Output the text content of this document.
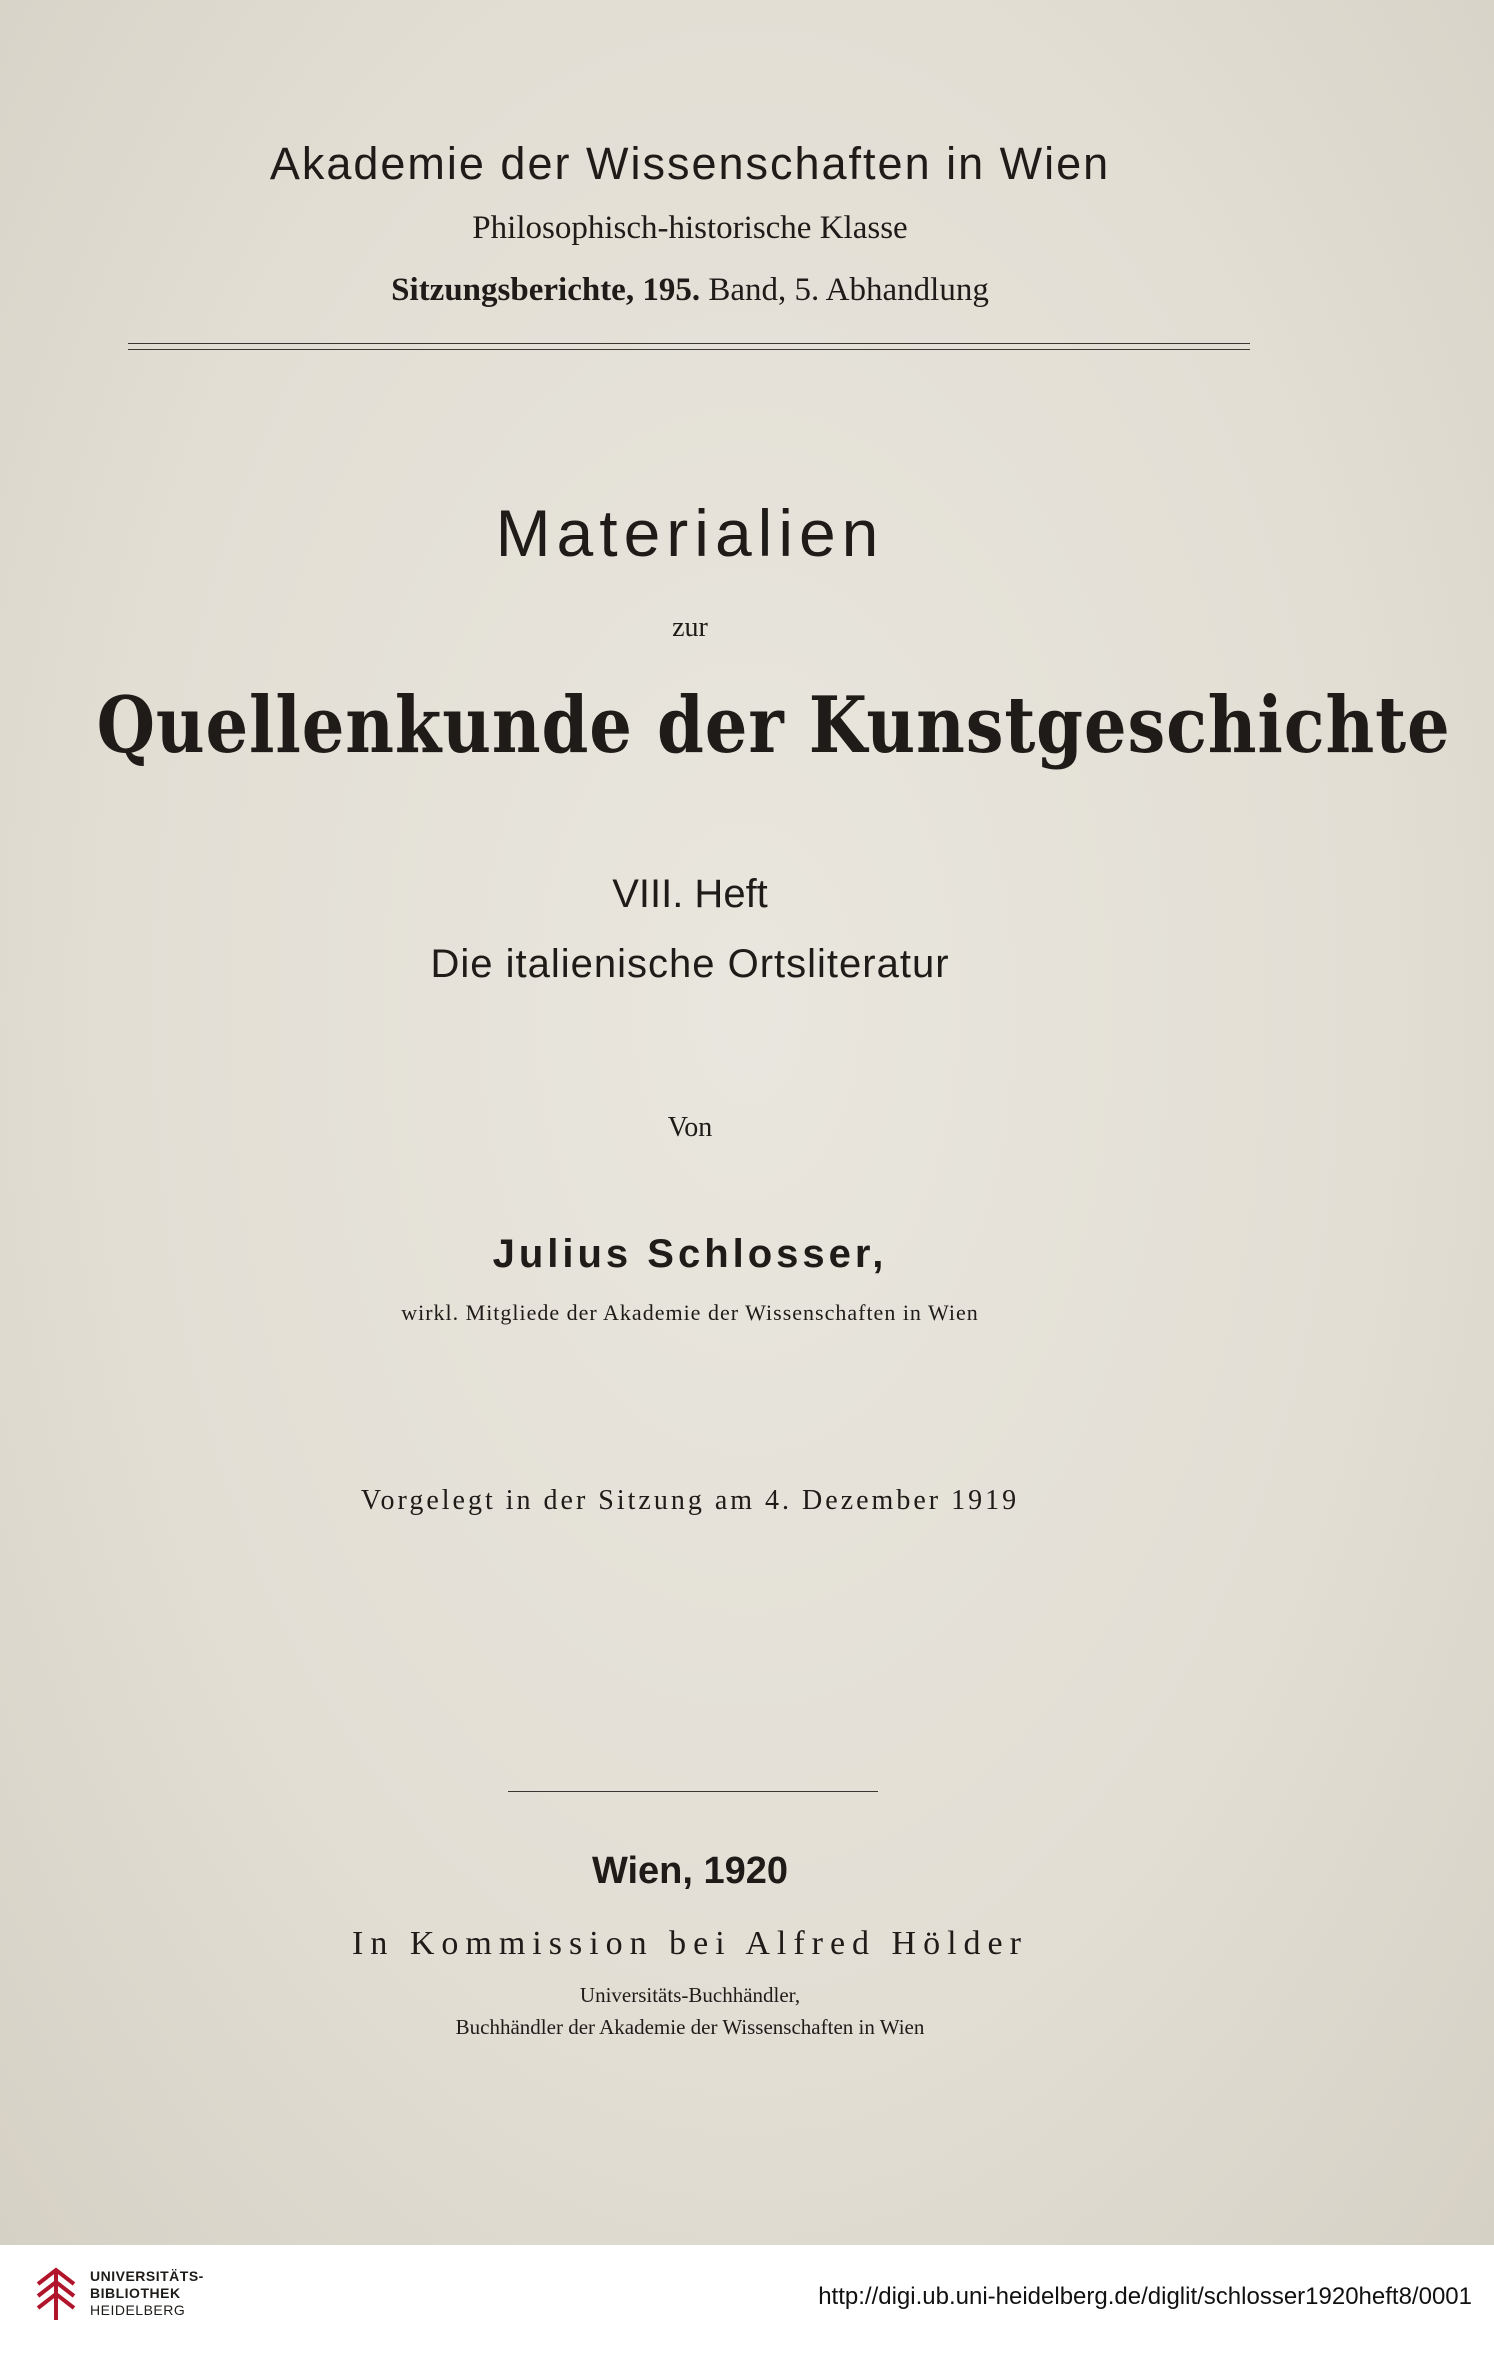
Akademie der Wissenschaften in Wien
Philosophisch-historische Klasse
Sitzungsberichte, 195. Band, 5. Abhandlung
Materialien
zur
Quellenkunde der Kunstgeschichte
VIII. Heft
Die italienische Ortsliteratur
Von
Julius Schlosser,
wirkl. Mitgliede der Akademie der Wissenschaften in Wien
Vorgelegt in der Sitzung am 4. Dezember 1919
Wien, 1920
In Kommission bei Alfred Hölder
Universitäts-Buchhändler,
Buchhändler der Akademie der Wissenschaften in Wien
UNIVERSITÄTS-
BIBLIOTHEK
HEIDELBERG	http://digi.ub.uni-heidelberg.de/diglit/schlosser1920heft8/0001
